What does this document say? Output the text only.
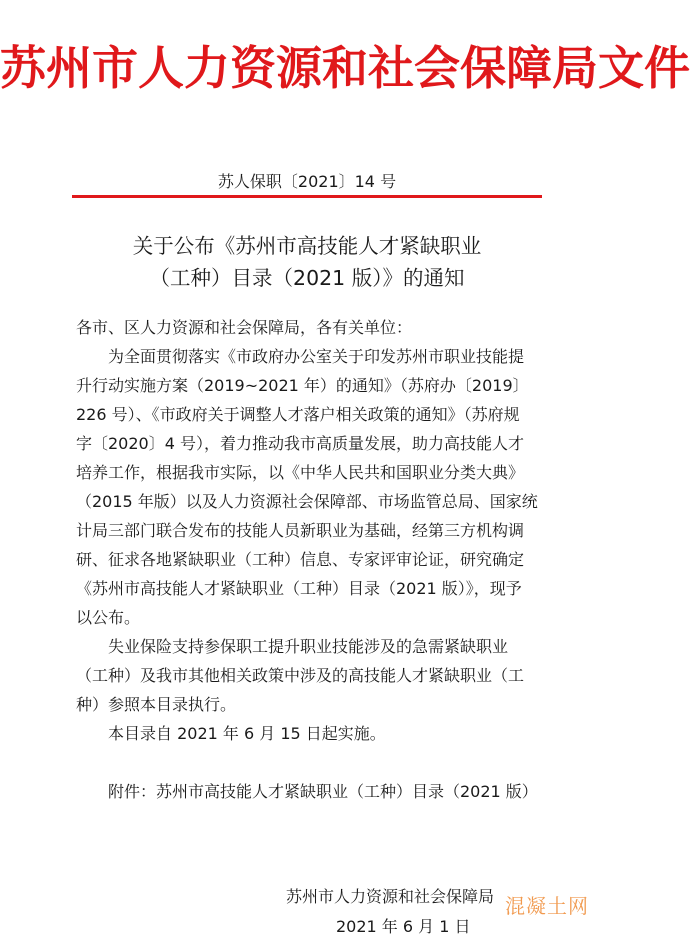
苏州市人力资源和社会保障局文件
苏人保职〔2021〕14 号
关于公布《苏州市高技能人才紧缺职业
（工种）目录（2021 版）》的通知
各市、区人力资源和社会保障局，各有关单位：
为全面贯彻落实《市政府办公室关于印发苏州市职业技能提
升行动实施方案（2019~2021 年）的通知》（苏府办〔2019〕
226 号）、《市政府关于调整人才落户相关政策的通知》（苏府规
字〔2020〕4 号），着力推动我市高质量发展，助力高技能人才
培养工作，根据我市实际，以《中华人民共和国职业分类大典》
（2015 年版）以及人力资源社会保障部、市场监管总局、国家统
计局三部门联合发布的技能人员新职业为基础，经第三方机构调
研、征求各地紧缺职业（工种）信息、专家评审论证，研究确定
《苏州市高技能人才紧缺职业（工种）目录（2021 版）》，现予
以公布。
失业保险支持参保职工提升职业技能涉及的急需紧缺职业
（工种）及我市其他相关政策中涉及的高技能人才紧缺职业（工
种）参照本目录执行。
本目录自 2021 年 6 月 15 日起实施。
附件：苏州市高技能人才紧缺职业（工种）目录（2021 版）
苏州市人力资源和社会保障局
2021 年 6 月 1 日
混凝土网
